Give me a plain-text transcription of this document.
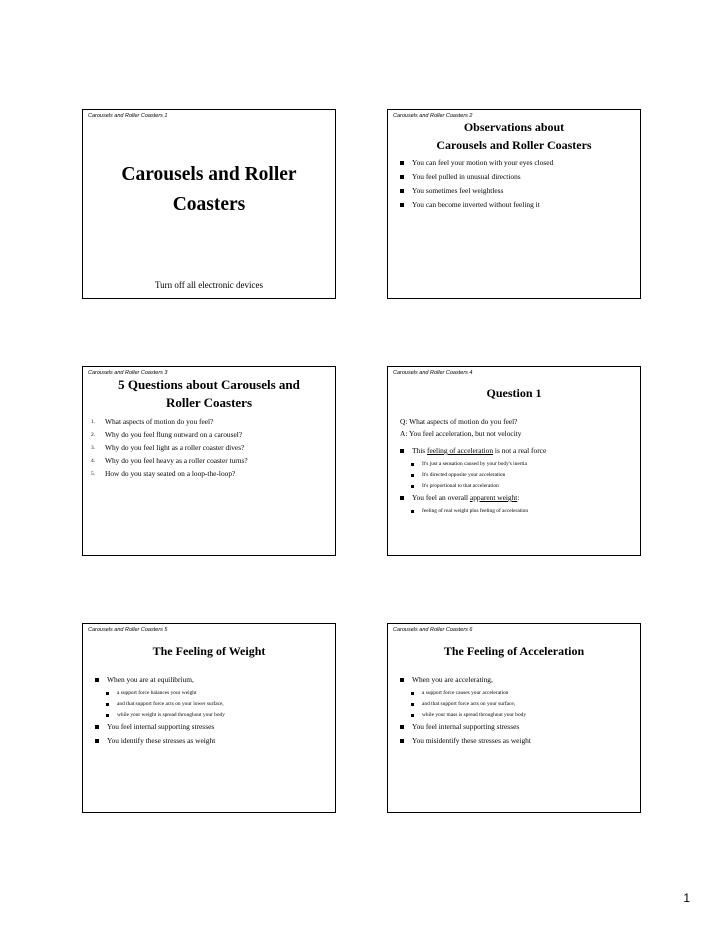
Carousels and Roller Coasters 1
Carousels and Roller
Coasters
Turn off all electronic devices
Carousels and Roller Coasters 2
Observations about
Carousels and Roller Coasters
You can feel your motion with your eyes closed
You feel pulled in unusual directions
You sometimes feel weightless
You can become inverted without feeling it
Carousels and Roller Coasters 3
5 Questions about Carousels and
Roller Coasters
1. What aspects of motion do you feel?
2. Why do you feel flung outward on a carousel?
3. Why do you feel light as a roller coaster dives?
4. Why do you feel heavy as a roller coaster turns?
5. How do you stay seated on a loop-the-loop?
Carousels and Roller Coasters 4
Question 1
Q: What aspects of motion do you feel?
A: You feel acceleration, but not velocity
This feeling of acceleration is not a real force
It's just a sensation caused by your body's inertia
It's directed opposite your acceleration
It's proportional to that acceleration
You feel an overall apparent weight:
feeling of real weight plus feeling of acceleration
Carousels and Roller Coasters 5
The Feeling of Weight
When you are at equilibrium,
a support force balances your weight
and that support force acts on your lower surface,
while your weight is spread throughout your body
You feel internal supporting stresses
You identify these stresses as weight
Carousels and Roller Coasters 6
The Feeling of Acceleration
When you are accelerating,
a support force causes your acceleration
and that support force acts on your surface,
while your mass is spread throughout your body
You feel internal supporting stresses
You misidentify these stresses as weight
1
